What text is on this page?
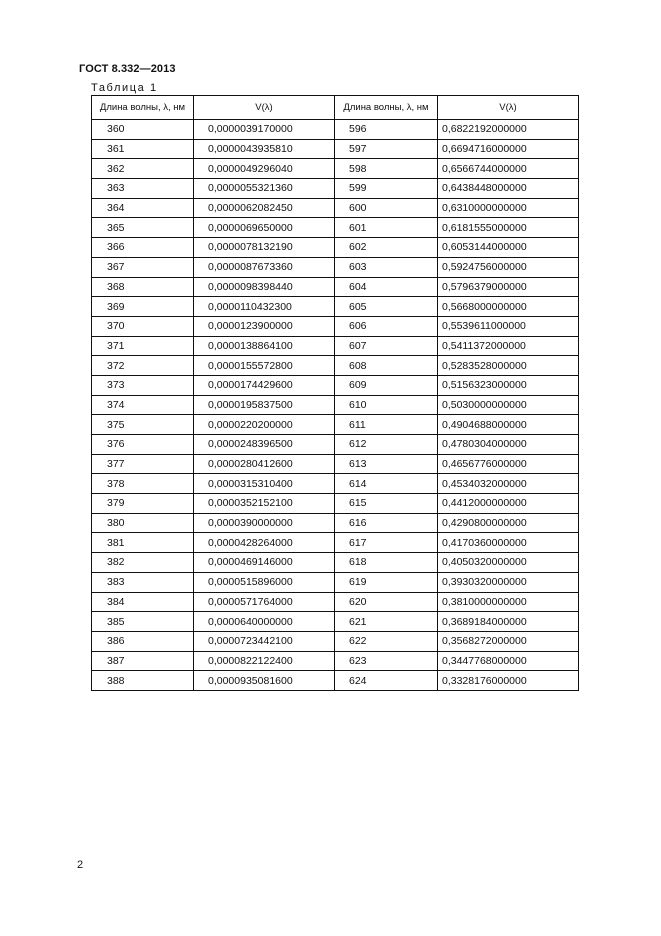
ГОСТ 8.332—2013
Таблица 1
Длина волны, λ, нм	V(λ)	Длина волны, λ, нм	V(λ)
360	0,0000039170000	596	0,6822192000000
361	0,0000043935810	597	0,6694716000000
362	0,0000049296040	598	0,6566744000000
363	0,0000055321360	599	0,6438448000000
364	0,0000062082450	600	0,6310000000000
365	0,0000069650000	601	0,6181555000000
366	0,0000078132190	602	0,6053144000000
367	0,0000087673360	603	0,5924756000000
368	0,0000098398440	604	0,5796379000000
369	0,0000110432300	605	0,5668000000000
370	0,0000123900000	606	0,5539611000000
371	0,0000138864100	607	0,5411372000000
372	0,0000155572800	608	0,5283528000000
373	0,0000174429600	609	0,5156323000000
374	0,0000195837500	610	0,5030000000000
375	0,0000220200000	611	0,4904688000000
376	0,0000248396500	612	0,4780304000000
377	0,0000280412600	613	0,4656776000000
378	0,0000315310400	614	0,4534032000000
379	0,0000352152100	615	0,4412000000000
380	0,0000390000000	616	0,4290800000000
381	0,0000428264000	617	0,4170360000000
382	0,0000469146000	618	0,4050320000000
383	0,0000515896000	619	0,3930320000000
384	0,0000571764000	620	0,3810000000000
385	0,0000640000000	621	0,3689184000000
386	0,0000723442100	622	0,3568272000000
387	0,0000822122400	623	0,3447768000000
388	0,0000935081600	624	0,3328176000000
2
